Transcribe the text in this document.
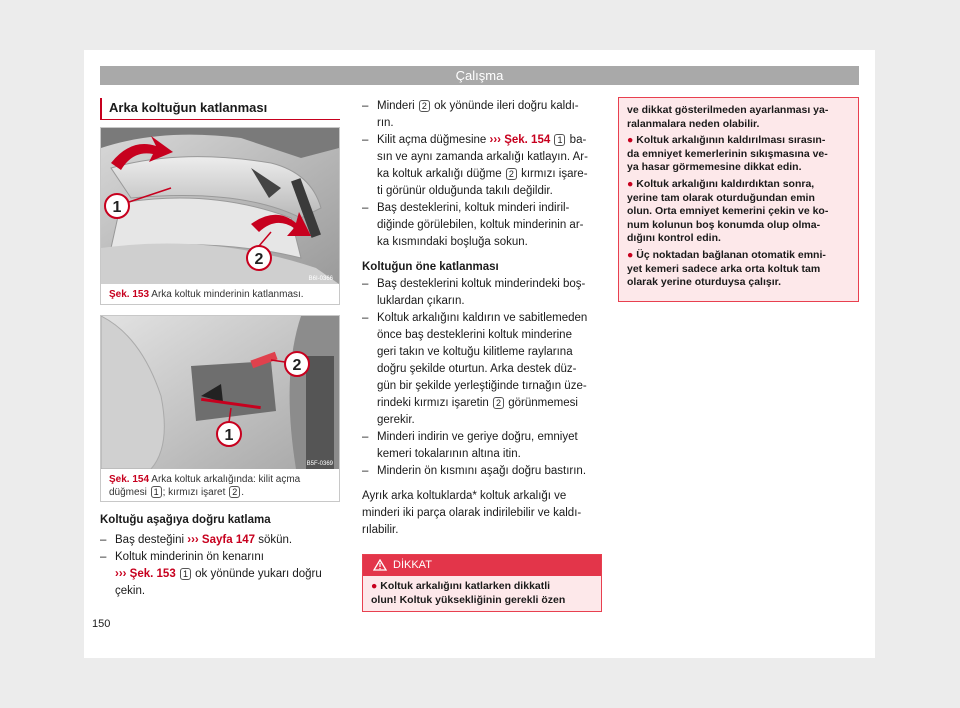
Çalışma
Arka koltuğun katlanması
1
2
B6I-0366
Şek. 153 Arka koltuk minderinin katlanması.
2
1
B5F-0369
Şek. 154 Arka koltuk arkalığında: kilit açma
düğmesi 1 ; kırmızı işaret 2 .
Koltuğu aşağıya doğru katlama
– Baş desteğini ››› Sayfa 147 sökün.
– Koltuk minderinin ön kenarını
››› Şek. 153 1 ok yönünde yukarı doğru
çekin.
– Minderi 2 ok yönünde ileri doğru kaldı-
rın.
– Kilit açma düğmesine ››› Şek. 154 1 ba-
sın ve aynı zamanda arkalığı katlayın. Ar-
ka koltuk arkalığı düğme 2 kırmızı işare-
ti görünür olduğunda takılı değildir.
– Baş desteklerini, koltuk minderi indiril-
diğinde görülebilen, koltuk minderinin ar-
ka kısmındaki boşluğa sokun.
Koltuğun öne katlanması
– Baş desteklerini koltuk minderindeki boş-
luklardan çıkarın.
– Koltuk arkalığını kaldırın ve sabitlemeden
önce baş desteklerini koltuk minderine
geri takın ve koltuğu kilitleme raylarına
doğru şekilde oturtun. Arka destek düz-
gün bir şekilde yerleştiğinde tırnağın üze-
rindeki kırmızı işaretin 2 görünmemesi
gerekir.
– Minderi indirin ve geriye doğru, emniyet
kemeri tokalarının altına itin.
– Minderin ön kısmını aşağı doğru bastırın.
Ayrık arka koltuklarda* koltuk arkalığı ve
minderi iki parça olarak indirilebilir ve kaldı-
rılabilir.
DİKKAT
● Koltuk arkalığını katlarken dikkatli
olun! Koltuk yüksekliğinin gerekli özen

ve dikkat gösterilmeden ayarlanması ya-
ralanmalara neden olabilir.

● Koltuk arkalığının kaldırılması sırasın-
da emniyet kemerlerinin sıkışmasına ve-
ya hasar görmemesine dikkat edin.

● Koltuk arkalığını kaldırdıktan sonra,
yerine tam olarak oturduğundan emin
olun. Orta emniyet kemerini çekin ve ko-
num kolunun boş konumda olup olma-
dığını kontrol edin.

● Üç noktadan bağlanan otomatik emni-
yet kemeri sadece arka orta koltuk tam
olarak yerine oturduysa çalışır.

150
